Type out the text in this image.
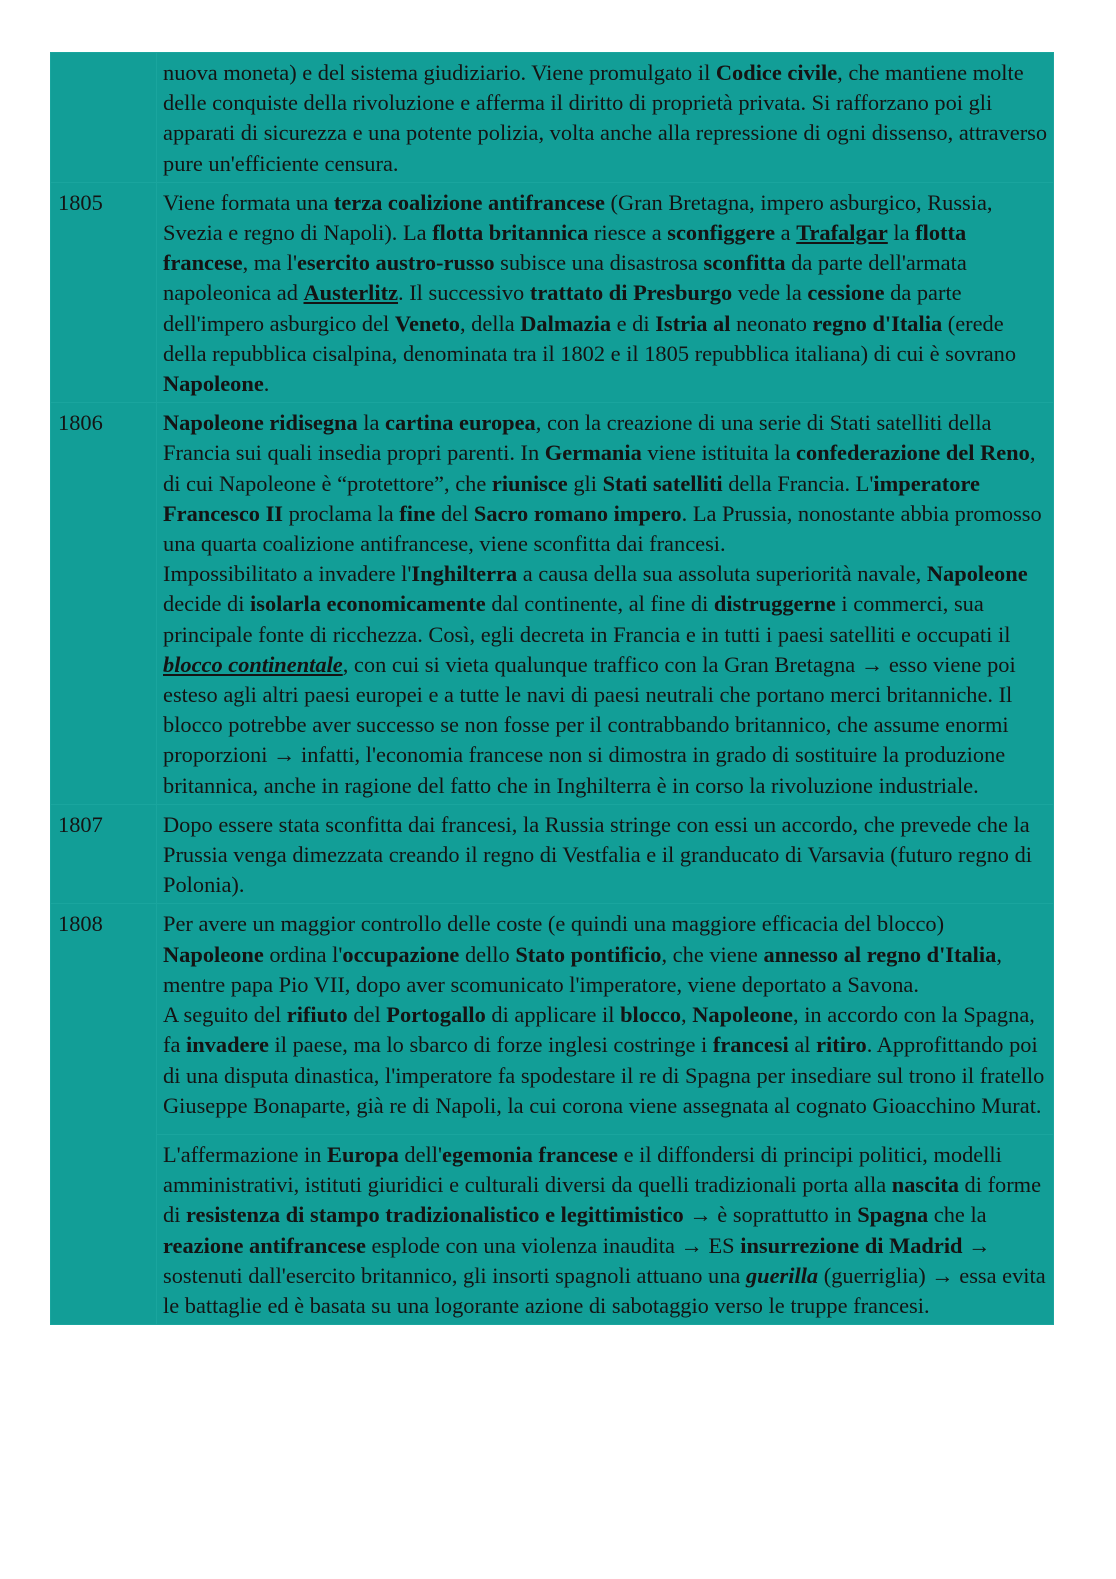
	nuova moneta) e del sistema giudiziario. Viene promulgato il Codice civile, che mantiene molte delle conquiste della rivoluzione e afferma il diritto di proprietà privata. Si rafforzano poi gli apparati di sicurezza e una potente polizia, volta anche alla repressione di ogni dissenso, attraverso pure un'efficiente censura.

1805	Viene formata una terza coalizione antifrancese (Gran Bretagna, impero asburgico, Russia, Svezia e regno di Napoli). La flotta britannica riesce a sconfiggere a Trafalgar la flotta francese, ma l'esercito austro-russo subisce una disastrosa sconfitta da parte dell'armata napoleonica ad Austerlitz. Il successivo trattato di Presburgo vede la cessione da parte dell'impero asburgico del Veneto, della Dalmazia e di Istria al neonato regno d'Italia (erede della repubblica cisalpina, denominata tra il 1802 e il 1805 repubblica italiana) di cui è sovrano Napoleone.

1806	Napoleone ridisegna la cartina europea, con la creazione di una serie di Stati satelliti della Francia sui quali insedia propri parenti. In Germania viene istituita la confederazione del Reno, di cui Napoleone è “protettore”, che riunisce gli Stati satelliti della Francia. L'imperatore Francesco II proclama la fine del Sacro romano impero. La Prussia, nonostante abbia promosso una quarta coalizione antifrancese, viene sconfitta dai francesi.
Impossibilitato a invadere l'Inghilterra a causa della sua assoluta superiorità navale, Napoleone decide di isolarla economicamente dal continente, al fine di distruggerne i commerci, sua principale fonte di ricchezza. Così, egli decreta in Francia e in tutti i paesi satelliti e occupati il blocco continentale, con cui si vieta qualunque traffico con la Gran Bretagna → esso viene poi esteso agli altri paesi europei e a tutte le navi di paesi neutrali che portano merci britanniche. Il blocco potrebbe aver successo se non fosse per il contrabbando britannico, che assume enormi proporzioni → infatti, l'economia francese non si dimostra in grado di sostituire la produzione britannica, anche in ragione del fatto che in Inghilterra è in corso la rivoluzione industriale.

1807	Dopo essere stata sconfitta dai francesi, la Russia stringe con essi un accordo, che prevede che la Prussia venga dimezzata creando il regno di Vestfalia e il granducato di Varsavia (futuro regno di Polonia).

1808	Per avere un maggior controllo delle coste (e quindi una maggiore efficacia del blocco) Napoleone ordina l'occupazione dello Stato pontificio, che viene annesso al regno d'Italia, mentre papa Pio VII, dopo aver scomunicato l'imperatore, viene deportato a Savona.
A seguito del rifiuto del Portogallo di applicare il blocco, Napoleone, in accordo con la Spagna, fa invadere il paese, ma lo sbarco di forze inglesi costringe i francesi al ritiro. Approfittando poi di una disputa dinastica, l'imperatore fa spodestare il re di Spagna per insediare sul trono il fratello Giuseppe Bonaparte, già re di Napoli, la cui corona viene assegnata al cognato Gioacchino Murat.

	L'affermazione in Europa dell'egemonia francese e il diffondersi di principi politici, modelli amministrativi, istituti giuridici e culturali diversi da quelli tradizionali porta alla nascita di forme di resistenza di stampo tradizionalistico e legittimistico → è soprattutto in Spagna che la reazione antifrancese esplode con una violenza inaudita → ES insurrezione di Madrid → sostenuti dall'esercito britannico, gli insorti spagnoli attuano una guerilla (guerriglia) → essa evita le battaglie ed è basata su una logorante azione di sabotaggio verso le truppe francesi.
